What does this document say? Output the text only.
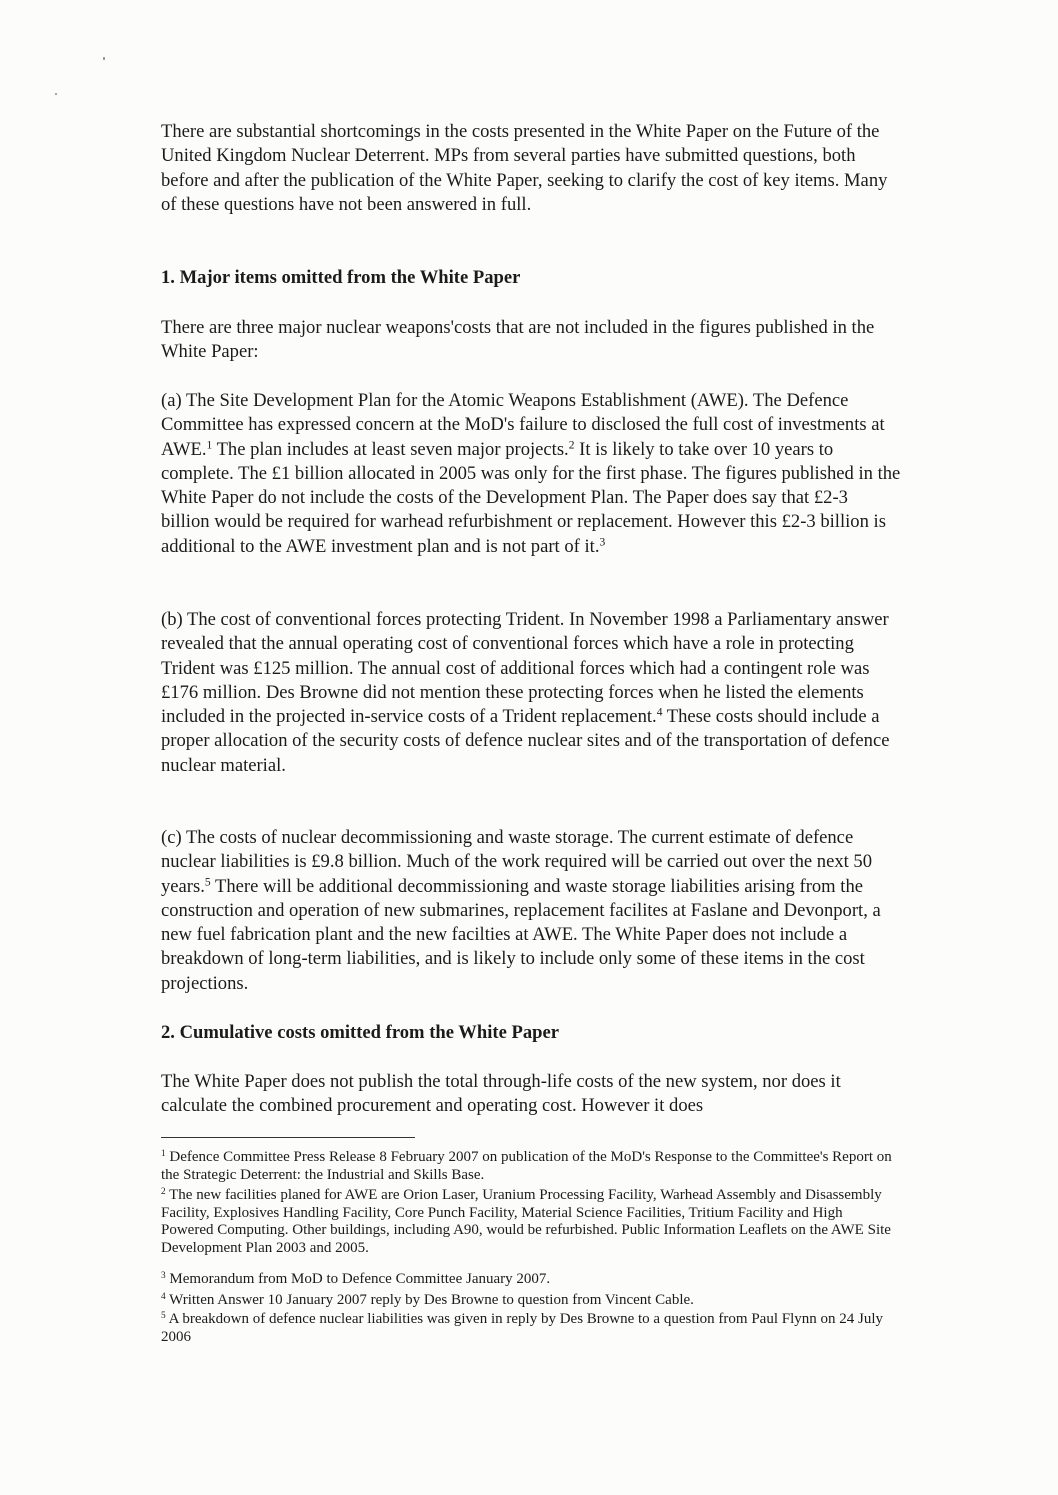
There are substantial shortcomings in the costs presented in the White Paper on the Future of the United Kingdom Nuclear Deterrent. MPs from several parties have submitted questions, both before and after the publication of the White Paper, seeking to clarify the cost of key items. Many of these questions have not been answered in full.

1. Major items omitted from the White Paper

There are three major nuclear weapons'costs that are not included in the figures published in the White Paper:

(a) The Site Development Plan for the Atomic Weapons Establishment (AWE). The Defence Committee has expressed concern at the MoD's failure to disclosed the full cost of investments at AWE.$^1$ The plan includes at least seven major projects.$^2$ It is likely to take over 10 years to complete. The £1 billion allocated in 2005 was only for the first phase. The figures published in the White Paper do not include the costs of the Development Plan. The Paper does say that £2-3 billion would be required for warhead refurbishment or replacement. However this £2-3 billion is additional to the AWE investment plan and is not part of it.$^3$

(b) The cost of conventional forces protecting Trident. In November 1998 a Parliamentary answer revealed that the annual operating cost of conventional forces which have a role in protecting Trident was £125 million. The annual cost of additional forces which had a contingent role was £176 million. Des Browne did not mention these protecting forces when he listed the elements included in the projected in-service costs of a Trident replacement.$^4$ These costs should include a proper allocation of the security costs of defence nuclear sites and of the transportation of defence nuclear material.

(c) The costs of nuclear decommissioning and waste storage. The current estimate of defence nuclear liabilities is £9.8 billion. Much of the work required will be carried out over the next 50 years.$^5$ There will be additional decommissioning and waste storage liabilities arising from the construction and operation of new submarines, replacement facilites at Faslane and Devonport, a new fuel fabrication plant and the new facilties at AWE. The White Paper does not include a breakdown of long-term liabilities, and is likely to include only some of these items in the cost projections.

2. Cumulative costs omitted from the White Paper

The White Paper does not publish the total through-life costs of the new system, nor does it calculate the combined procurement and operating cost. However it does

$^1$ Defence Committee Press Release 8 February 2007 on publication of the MoD's Response to the Committee's Report on the Strategic Deterrent: the Industrial and Skills Base.

$^2$ The new facilities planed for AWE are Orion Laser, Uranium Processing Facility, Warhead Assembly and Disassembly Facility, Explosives Handling Facility, Core Punch Facility, Material Science Facilities, Tritium Facility and High Powered Computing. Other buildings, including A90, would be refurbished. Public Information Leaflets on the AWE Site Development Plan 2003 and 2005.

$^3$ Memorandum from MoD to Defence Committee January 2007.

$^4$ Written Answer 10 January 2007 reply by Des Browne to question from Vincent Cable.

$^5$ A breakdown of defence nuclear liabilities was given in reply by Des Browne to a question from Paul Flynn on 24 July 2006
